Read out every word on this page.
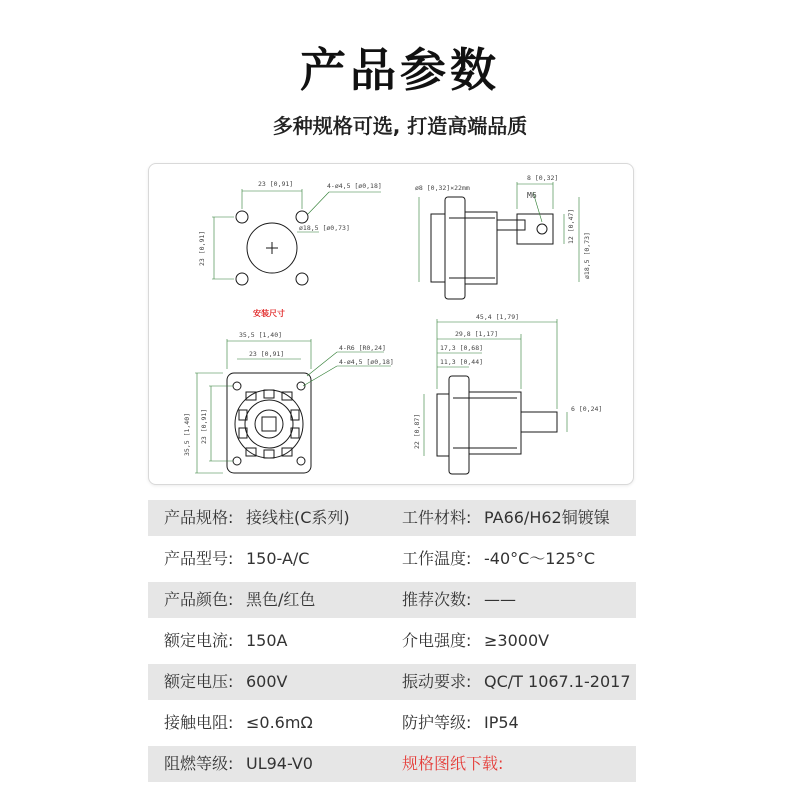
产品参数
多种规格可选, 打造高端品质
23 [0,91]
23 [0,91]
4-ø4,5 [ø0,18]
ø18,5 [ø0,73]
安装尺寸
ø8 [0,32]×22mm
8 [0,32]
M6
12 [0,47]
ø18,5 [0,73]
35,5 [1,40]
23 [0,91]
35,5 [1,40] 23 [0,91]
4-R6 [R0,24]
4-ø4,5 [ø0,18]
45,4 [1,79]
29,8 [1,17]
17,3 [0,68]
11,3 [0,44]
22 [0,87]
6 [0,24]
产品规格: 接线柱(C系列)	工件材料: PA66/H62铜镀镍
产品型号: 150-A/C	工作温度: -40°C～125°C
产品颜色: 黑色/红色	推荐次数: ——
额定电流: 150A	介电强度: ≥3000V
额定电压: 600V	振动要求: QC/T 1067.1-2017
接触电阻: ≤0.6mΩ	防护等级: IP54
阻燃等级: UL94-V0	规格图纸下载:
